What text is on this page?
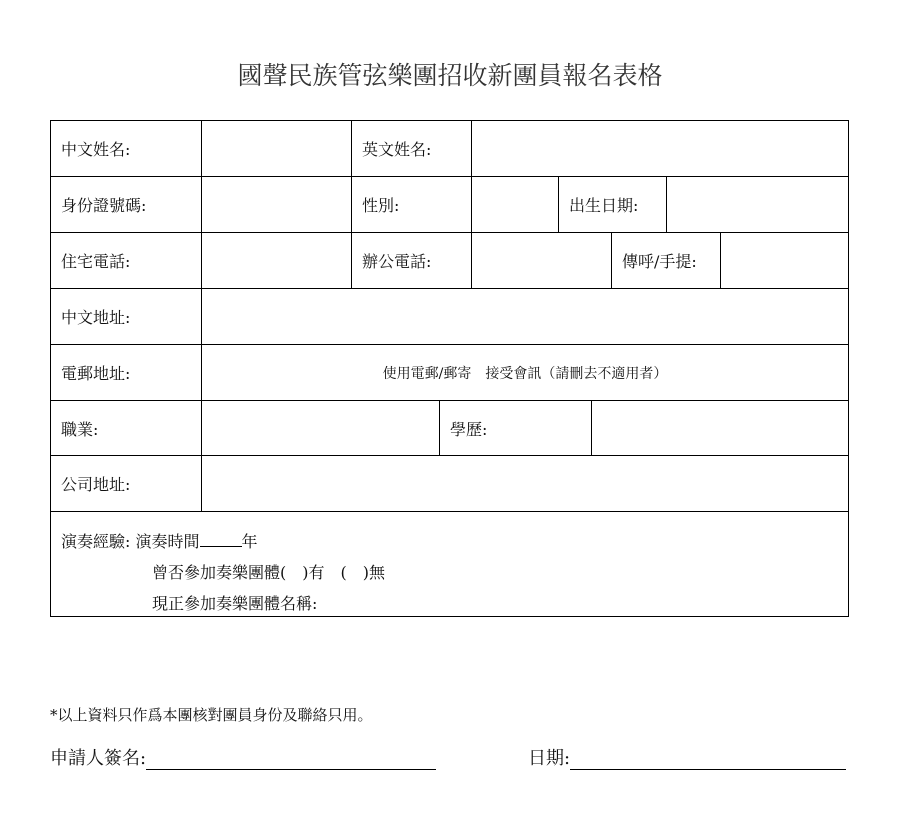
國聲民族管弦樂團招收新團員報名表格
中文姓名:	英文姓名:
身份證號碼:	性別:	出生日期:
住宅電話:	辦公電話:	傳呼/手提:
中文地址:
電郵地址:	使用電郵/郵寄　接受會訊（請刪去不適用者）
職業:	學歷:
公司地址:
演奏經驗: 演奏時間	年
曾否參加奏樂團體(　)有　(　)無
現正參加奏樂團體名稱:
*以上資料只作爲本團核對團員身份及聯絡只用。
申請人簽名:	日期:
